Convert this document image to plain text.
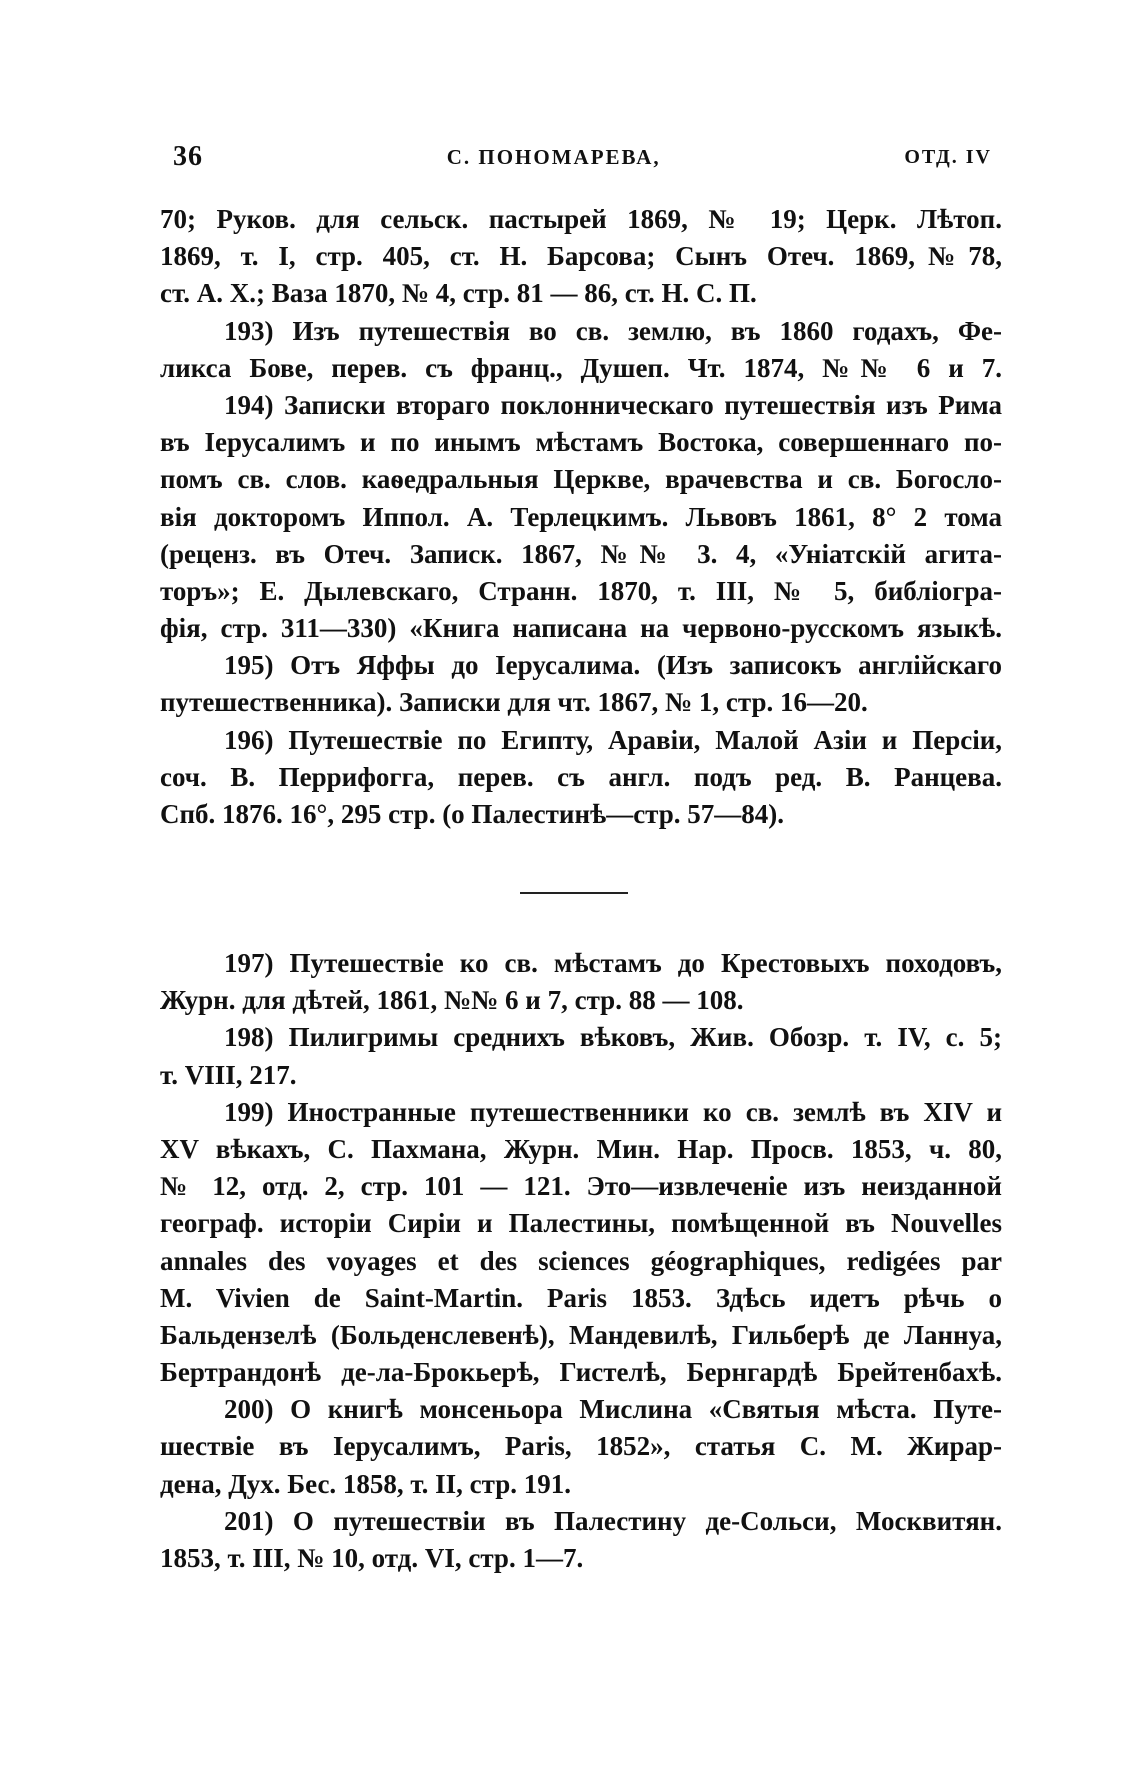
36	С. ПОНОМАРЕВА,	ОТД. IV
70; Руков. для сельск. пастырей 1869, № 19; Церк. Лѣтоп.
1869, т. I, стр. 405, ст. Н. Барсова; Сынъ Отеч. 1869,№78,
ст. А. Х.; Ваза 1870, № 4, стр. 81 — 86, ст. Н. С. П.
193) Изъ путешествія во св. землю, въ 1860 годахъ, Фе-
ликса Бове, перев. съ франц., Душеп. Чт. 1874, №№ 6 и 7.
194) Записки втораго поклонническаго путешествія изъ Рима
въ Іерусалимъ и по инымъ мѣстамъ Востока, совершеннаго по-
помъ св. слов. каѳедральныя Церкве, врачевства и св. Богосло-
вія докторомъ Иппол. А. Терлецкимъ. Львовъ 1861, 8° 2 тома
(реценз. въ Отеч. Записк. 1867, №№ 3. 4, «Уніатскій агита-
торъ»; Е. Дылевскаго, Странн. 1870, т. III, № 5, библіогра-
фія, стр. 311—330) «Книга написана на червоно-русскомъ языкѣ.
195) Отъ Яффы до Іерусалима. (Изъ записокъ англійскаго
путешественника). Записки для чт. 1867, № 1, стр. 16—20.
196) Путешествіе по Египту, Аравіи, Малой Азіи и Персіи,
соч. В. Перрифогга, перев. съ англ. подъ ред. В. Ранцева.
Спб. 1876. 16°, 295 стр. (о Палестинѣ—стр. 57—84).
197) Путешествіе ко св. мѣстамъ до Крестовыхъ походовъ,
Журн. для дѣтей, 1861, №№ 6 и 7, стр. 88 — 108.
198) Пилигримы среднихъ вѣковъ, Жив. Обозр. т. IV, с. 5;
т. VIII, 217.
199) Иностранные путешественники ко св. землѣ въ XIV и
XV вѣкахъ, С. Пахмана, Журн. Мин. Нар. Просв. 1853, ч. 80,
№ 12, отд. 2, стр. 101 — 121. Это—извлеченіе изъ неизданной
географ. исторіи Сиріи и Палестины, помѣщенной въ Nouvelles
annales des voyages et des sciences géographiques, redigées par
M. Vivien de Saint-Martin. Paris 1853. Здѣсь идетъ рѣчь о
Бальдензелѣ (Больденслевенѣ), Мандевилѣ, Гильберѣ де Ланнуа,
Бертрандонѣ де-ла-Брокьерѣ, Гистелѣ, Бернгардѣ Брейтенбахѣ.
200) О книгѣ монсеньора Мислина «Святыя мѣста. Путе-
шествіе въ Іерусалимъ, Paris, 1852», статья С. М. Жирар-
дена, Дух. Бес. 1858, т. II, стр. 191.
201) О путешествіи въ Палестину де-Сольси, Москвитян.
1853, т. III, № 10, отд. VI, стр. 1—7.
